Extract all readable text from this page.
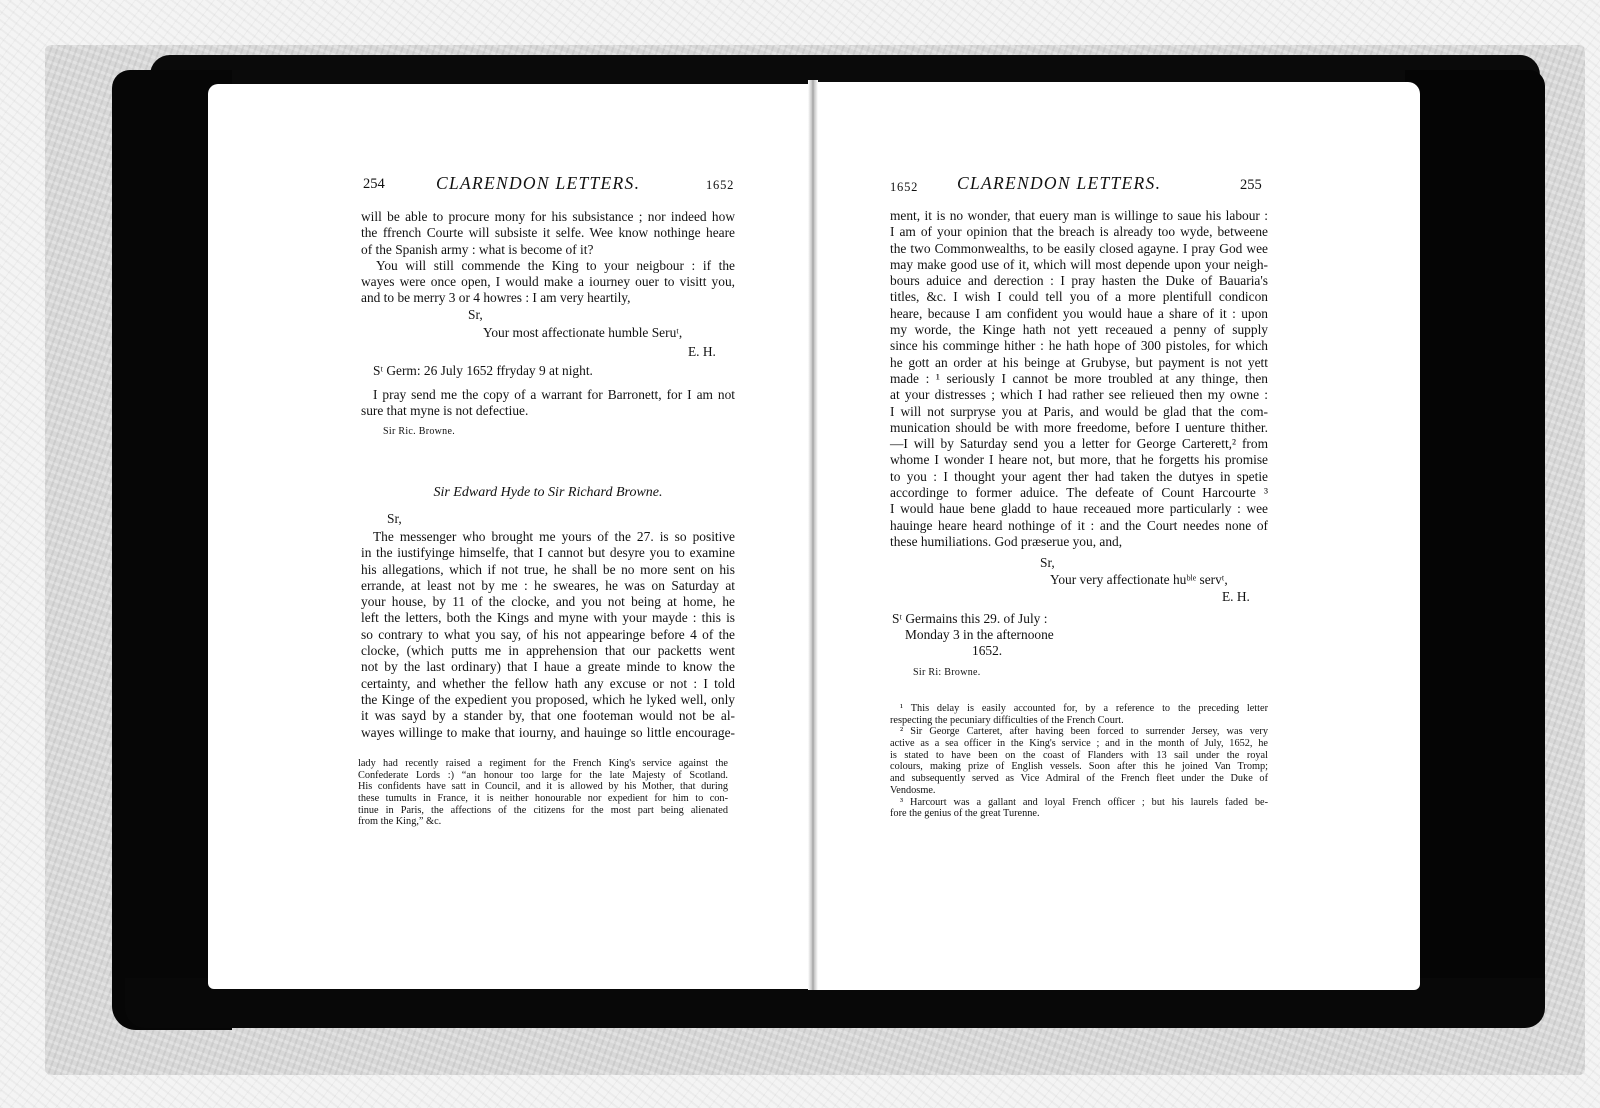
254	CLARENDON LETTERS.	1652
will be able to procure mony for his subsistance ; nor indeed how
the ffrench Courte will subsiste it selfe. Wee know nothinge heare
of the Spanish army : what is become of it?
You will still commende the King to your neigbour : if the
wayes were once open, I would make a iourney ouer to visitt you,
and to be merry 3 or 4 howres : I am very heartily,
Sr,
Your most affectionate humble Seruᵗ,
E. H.
Sᵗ Germ: 26 July 1652 ffryday 9 at night.
I pray send me the copy of a warrant for Barronett, for I am not
sure that myne is not defectiue.
Sir Ric. Browne.
Sir Edward Hyde to Sir Richard Browne.
Sr,
The messenger who brought me yours of the 27. is so positive
in the iustifyinge himselfe, that I cannot but desyre you to examine
his allegations, which if not true, he shall be no more sent on his
errande, at least not by me : he sweares, he was on Saturday at
your house, by 11 of the clocke, and you not being at home, he
left the letters, both the Kings and myne with your mayde : this is
so contrary to what you say, of his not appearinge before 4 of the
clocke, (which putts me in apprehension that our packetts went
not by the last ordinary) that I haue a greate minde to know the
certainty, and whether the fellow hath any excuse or not : I told
the Kinge of the expedient you proposed, which he lyked well, only
it was sayd by a stander by, that one footeman would not be al-
wayes willinge to make that iourny, and hauinge so little encourage-
lady had recently raised a regiment for the French King's service against the
Confederate Lords :) “an honour too large for the late Majesty of Scotland.
His confidents have satt in Council, and it is allowed by his Mother, that during
these tumults in France, it is neither honourable nor expedient for him to con-
tinue in Paris, the affections of the citizens for the most part being alienated
from the King,” &c.
1652 CLARENDON LETTERS.	255
ment, it is no wonder, that euery man is willinge to saue his labour :
I am of your opinion that the breach is already too wyde, betweene
the two Commonwealths, to be easily closed agayne. I pray God wee
may make good use of it, which will most depende upon your neigh-
bours aduice and derection : I pray hasten the Duke of Bauaria's
titles, &c. I wish I could tell you of a more plentifull condicon
heare, because I am confident you would haue a share of it : upon
my worde, the Kinge hath not yett receaued a penny of supply
since his comminge hither : he hath hope of 300 pistoles, for which
he gott an order at his beinge at Grubyse, but payment is not yett
made : ¹ seriously I cannot be more troubled at any thinge, then
at your distresses ; which I had rather see relieued then my owne :
I will not surpryse you at Paris, and would be glad that the com-
munication should be with more freedome, before I uenture thither.
—I will by Saturday send you a letter for George Carterett,² from
whome I wonder I heare not, but more, that he forgetts his promise
to you : I thought your agent ther had taken the dutyes in spetie
accordinge to former aduice. The defeate of Count Harcourte ³
I would haue bene gladd to haue receaued more particularly : wee
hauinge heare heard nothinge of it : and the Court needes none of
these humiliations. God præserue you, and,
Sr,
Your very affectionate huᵇˡᵉ servᵗ,
E. H.
Sᵗ Germains this 29. of July :
Monday 3 in the afternoone
1652.
Sir Ri: Browne.
¹ This delay is easily accounted for, by a reference to the preceding letter
respecting the pecuniary difficulties of the French Court.
² Sir George Carteret, after having been forced to surrender Jersey, was very
active as a sea officer in the King's service ; and in the month of July, 1652, he
is stated to have been on the coast of Flanders with 13 sail under the royal
colours, making prize of English vessels. Soon after this he joined Van Tromp;
and subsequently served as Vice Admiral of the French fleet under the Duke of
Vendosme.
³ Harcourt was a gallant and loyal French officer ; but his laurels faded be-
fore the genius of the great Turenne.
